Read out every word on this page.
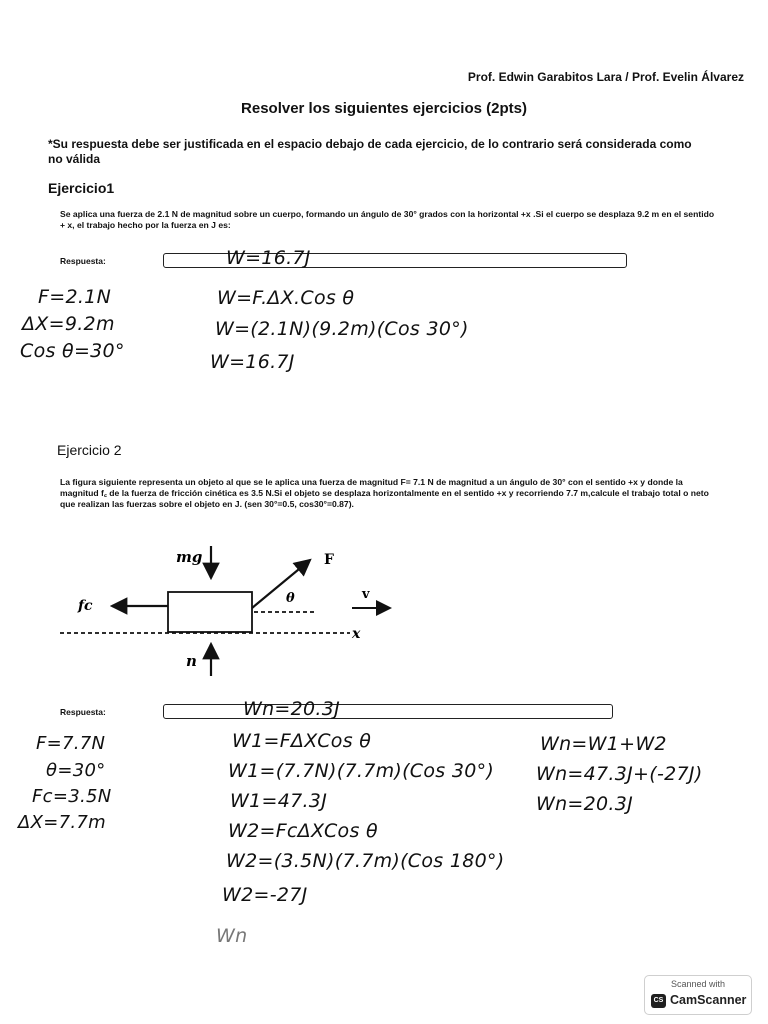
Prof. Edwin Garabitos Lara / Prof. Evelin Álvarez
Resolver los siguientes ejercicios (2pts)
*Su respuesta debe ser justificada en el espacio debajo de cada ejercicio, de lo contrario será considerada como no válida
Ejercicio1
Se aplica una fuerza de 2.1 N de magnitud sobre un cuerpo, formando un ángulo de 30° grados con la horizontal +x .Si el cuerpo se desplaza 9.2 m en el sentido + x, el trabajo hecho por la fuerza en J es:
Respuesta:	W=16.7J
F=2.1N
ΔX=9.2m
Cos θ=30°
W=F.ΔX.Cos θ
W=(2.1N)(9.2m)(Cos 30°)
W=16.7J
Ejercicio 2
La figura siguiente representa un objeto al que se le aplica una fuerza de magnitud F= 7.1 N de magnitud a un ángulo de 30° con el sentido +x y donde la magnitud f꜀ de la fuerza de fricción cinética es 3.5 N.Si el objeto se desplaza horizontalmente en el sentido +x y recorriendo 7.7 m,calcule el trabajo total o neto que realizan las fuerzas sobre el objeto en J. (sen 30°=0.5, cos30°=0.87).
x
mg	F
θ
fc
v
n
Respuesta:	Wn=20.3J
F=7.7N
θ=30°
Fc=3.5N
ΔX=7.7m
W1=FΔXCos θ
W1=(7.7N)(7.7m)(Cos 30°)
W1=47.3J
W2=FcΔXCos θ
W2=(3.5N)(7.7m)(Cos 180°)
W2=-27J
Wn
Wn=W1+W2
Wn=47.3J+(-27J)
Wn=20.3J
Scanned with
CS CamScanner
